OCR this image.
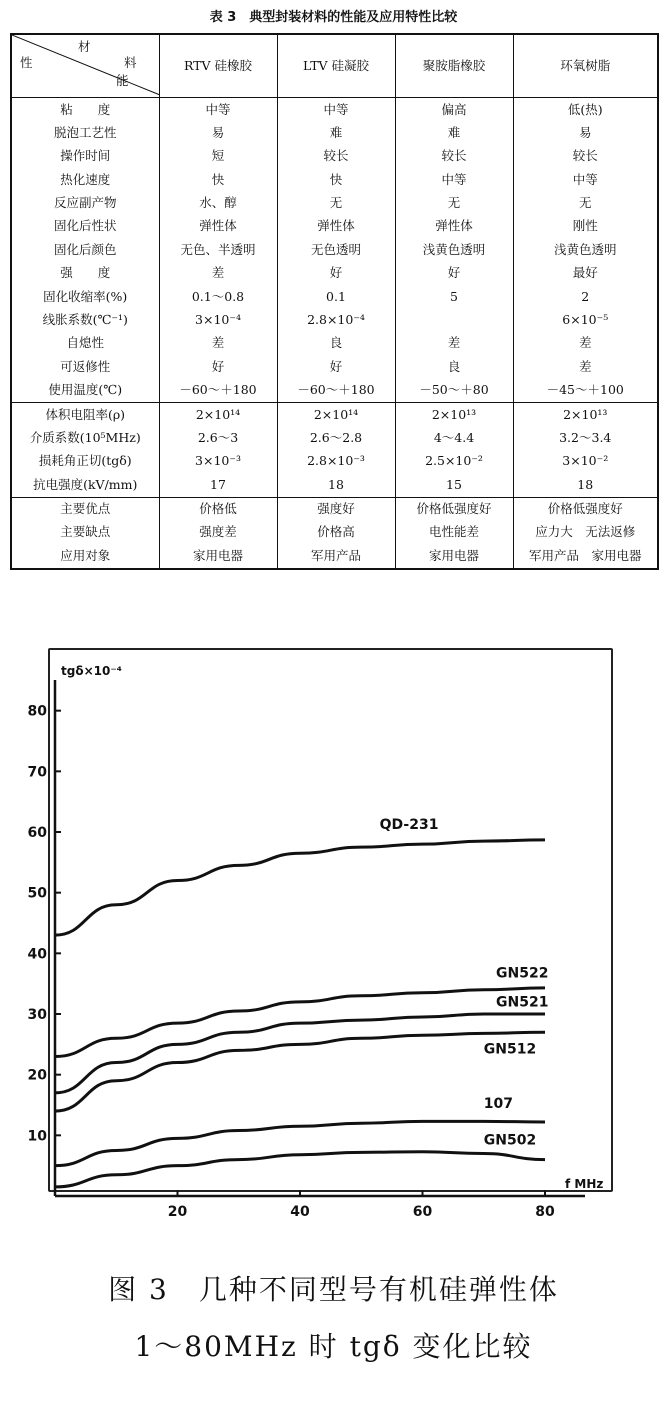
表 3　典型封装材料的性能及应用特性比较
材
性 料
能	RTV 硅橡胶	LTV 硅凝胶	聚胺脂橡胶	环氧树脂
粘　　度	中等	中等	偏高	低(热)
脱泡工艺性	易	难	难	易
操作时间	短	较长	较长	较长
热化速度	快	快	中等	中等
反应副产物	水、醇	无	无	无
固化后性状	弹性体	弹性体	弹性体	刚性
固化后颜色	无色、半透明	无色透明	浅黄色透明	浅黄色透明
强　　度	差	好	好	最好
固化收缩率(%)	0.1～0.8	0.1	5	2
线胀系数(℃⁻¹)	3×10⁻⁴	2.8×10⁻⁴		6×10⁻⁵
自熄性	差	良	差	差
可返修性	好	好	良	差
使用温度(℃)	－60～＋180	－60～＋180	－50～＋80	－45～＋100
体积电阻率(ρ)	2×10¹⁴	2×10¹⁴	2×10¹³	2×10¹³
介质系数(10⁵MHz)	2.6～3	2.6～2.8	4～4.4	3.2～3.4
损耗角正切(tgδ)	3×10⁻³	2.8×10⁻³	2.5×10⁻²	3×10⁻²
抗电强度(kV/mm)	17	18	15	18
主要优点	价格低	强度好	价格低强度好	价格低强度好
主要缺点	强度差	价格高	电性能差	应力大　无法返修
应用对象	家用电器	军用产品	家用电器	军用产品　家用电器
10
20
30
40
50
60
70
80
20	40	60	80
tgδ×10⁻⁴
f MHz
QD-231
GN522
GN521
GN512
107
GN502
图 3　几种不同型号有机硅弹性体
1～80MHz 时 tgδ 变化比较
